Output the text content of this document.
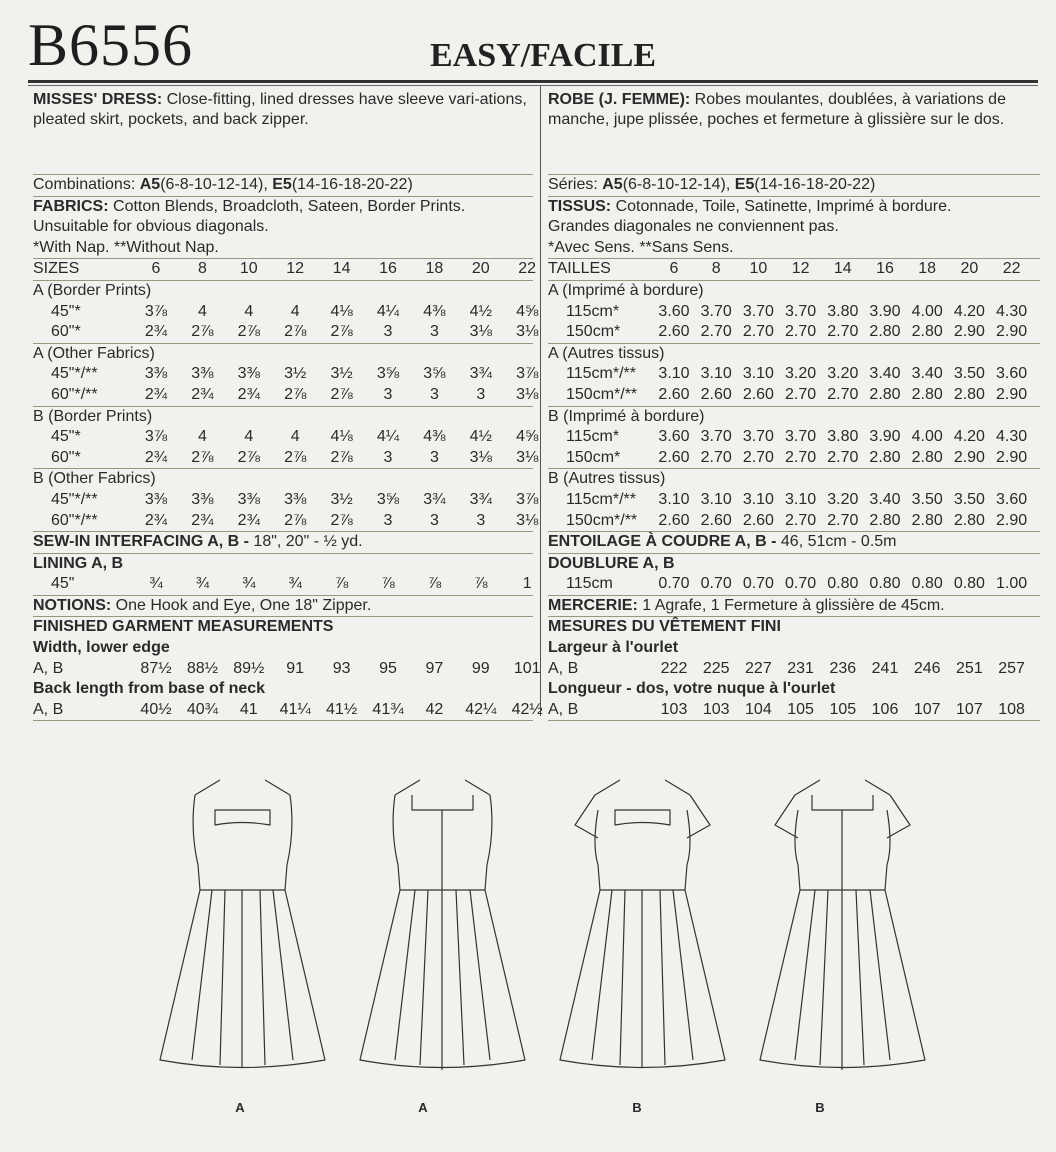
B6556	EASY/FACILE
MISSES' DRESS: Close-fitting, lined dresses have sleeve vari-ations, pleated skirt, pockets, and back zipper.
Combinations: A5(6-8-10-12-14), E5(14-16-18-20-22)
FABRICS: Cotton Blends, Broadcloth, Sateen, Border Prints.
Unsuitable for obvious diagonals.
*With Nap. **Without Nap.
SIZES	6	8	10	12	14	16	18	20	22
A (Border Prints)
45"*	3⅞	4	4	4	4⅛	4¼	4⅜	4½	4⅝
60"*	2¾	2⅞	2⅞	2⅞	2⅞	3	3	3⅛	3⅛
A (Other Fabrics)
45"*/**	3⅜	3⅜	3⅜	3½	3½	3⅝	3⅝	3¾	3⅞
60"*/**	2¾	2¾	2¾	2⅞	2⅞	3	3	3	3⅛
B (Border Prints)
45"*	3⅞	4	4	4	4⅛	4¼	4⅜	4½	4⅝
60"*	2¾	2⅞	2⅞	2⅞	2⅞	3	3	3⅛	3⅛
B (Other Fabrics)
45"*/**	3⅜	3⅜	3⅜	3⅜	3½	3⅝	3¾	3¾	3⅞
60"*/**	2¾	2¾	2¾	2⅞	2⅞	3	3	3	3⅛
SEW-IN INTERFACING A, B - 18", 20" - ½ yd.
LINING A, B
45"	¾	¾	¾	¾	⅞	⅞	⅞	⅞	1
NOTIONS: One Hook and Eye, One 18" Zipper.
FINISHED GARMENT MEASUREMENTS
Width, lower edge
A, B	87½ 88½ 89½	91	93	95	97	99	101
Back length from base of neck
A, B	40½ 40¾	41	41¼ 41½ 41¾	42	42¼ 42½
ROBE (J. FEMME): Robes moulantes, doublées, à variations de manche, jupe plissée, poches et fermeture à glissière sur le dos.
Séries: A5(6-8-10-12-14), E5(14-16-18-20-22)
TISSUS: Cotonnade, Toile, Satinette, Imprimé à bordure.
Grandes diagonales ne conviennent pas.
*Avec Sens. **Sans Sens.
TAILLES	6	8	10	12	14	16	18	20	22
A (Imprimé à bordure)
115cm* 3.60 3.70 3.70 3.70 3.80 3.90 4.00 4.20 4.30
150cm* 2.60 2.70 2.70 2.70 2.70 2.80 2.80 2.90 2.90
A (Autres tissus)
115cm*/** 3.10 3.10 3.10 3.20 3.20 3.40 3.40 3.50 3.60
150cm*/** 2.60 2.60 2.60 2.70 2.70 2.80 2.80 2.80 2.90
B (Imprimé à bordure)
115cm* 3.60 3.70 3.70 3.70 3.80 3.90 4.00 4.20 4.30
150cm* 2.60 2.70 2.70 2.70 2.70 2.80 2.80 2.90 2.90
B (Autres tissus)
115cm*/** 3.10 3.10 3.10 3.10 3.20 3.40 3.50 3.50 3.60
150cm*/** 2.60 2.60 2.60 2.70 2.70 2.80 2.80 2.80 2.90
ENTOILAGE À COUDRE A, B - 46, 51cm - 0.5m
DOUBLURE A, B
115cm	0.70 0.70 0.70 0.70 0.80 0.80 0.80 0.80 1.00
MERCERIE: 1 Agrafe, 1 Fermeture à glissière de 45cm.
MESURES DU VÊTEMENT FINI
Largeur à l'ourlet
A, B	222 225 227 231 236 241 246 251 257
Longueur - dos, votre nuque à l'ourlet
A, B	103 103 104 105 105 106 107 107 108
A	A	B	B
